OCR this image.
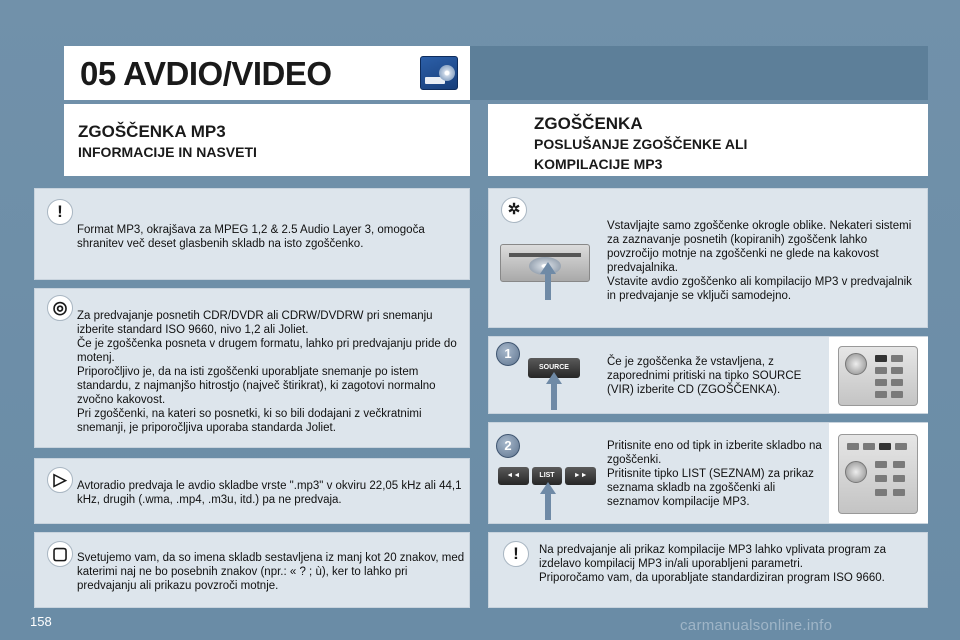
05 AVDIO/VIDEO
ZGOŠČENKA MP3
INFORMACIJE IN NASVETI
ZGOŠČENKA
POSLUŠANJE ZGOŠČENKE ALI KOMPILACIJE MP3
!
Format MP3, okrajšava za MPEG 1,2 & 2.5 Audio Layer 3, omogoča shranitev več deset glasbenih skladb na isto zgoščenko.
◎ Za predvajanje posnetih CDR/DVDR ali CDRW/DVDRW pri snemanju izberite standard ISO 9660, nivo 1,2 ali Joliet.
Če je zgoščenka posneta v drugem formatu, lahko pri predvajanju pride do motenj.
Priporočljivo je, da na isti zgoščenki uporabljate snemanje po istem standardu, z najmanjšo hitrostjo (največ štirikrat), ki zagotovi normalno zvočno kakovost.
Pri zgoščenki, na kateri so posnetki, ki so bili dodajani z večkratnimi snemanji, je priporočljiva uporaba standarda Joliet.
▷ Avtoradio predvaja le avdio skladbe vrste ".mp3" v okviru 22,05 kHz ali 44,1 kHz, drugih (.wma, .mp4, .m3u, itd.) pa ne predvaja.
▢ Svetujemo vam, da so imena skladb sestavljena iz manj kot 20 znakov, med katerimi naj ne bo posebnih znakov (npr.: « ? ; ù), ker to lahko pri predvajanju ali prikazu povzroči motnje.
✲
Vstavljajte samo zgoščenke okrogle oblike. Nekateri sistemi za zaznavanje posnetih (kopiranih) zgoščenk lahko povzročijo motnje na zgoščenki ne glede na kakovost predvajalnika.
Vstavite avdio zgoščenko ali kompilacijo MP3 v predvajalnik in predvajanje se vključi samodejno.
Če je zgoščenka že vstavljena, z zaporednimi pritiski na tipko SOURCE (VIR) izberite CD (ZGOŠČENKA).
1
SOURCE
Pritisnite eno od tipk in izberite skladbo na zgoščenki.
Pritisnite tipko LIST (SEZNAM) za prikaz seznama skladb na zgoščenki ali seznamov kompilacije MP3.
2
◄◄	LIST	►►
!	Na predvajanje ali prikaz kompilacije MP3 lahko vplivata program za izdelavo kompilacij MP3 in/ali uporabljeni parametri.
Priporočamo vam, da uporabljate standardiziran program ISO 9660.
158	carmanualsonline.info
